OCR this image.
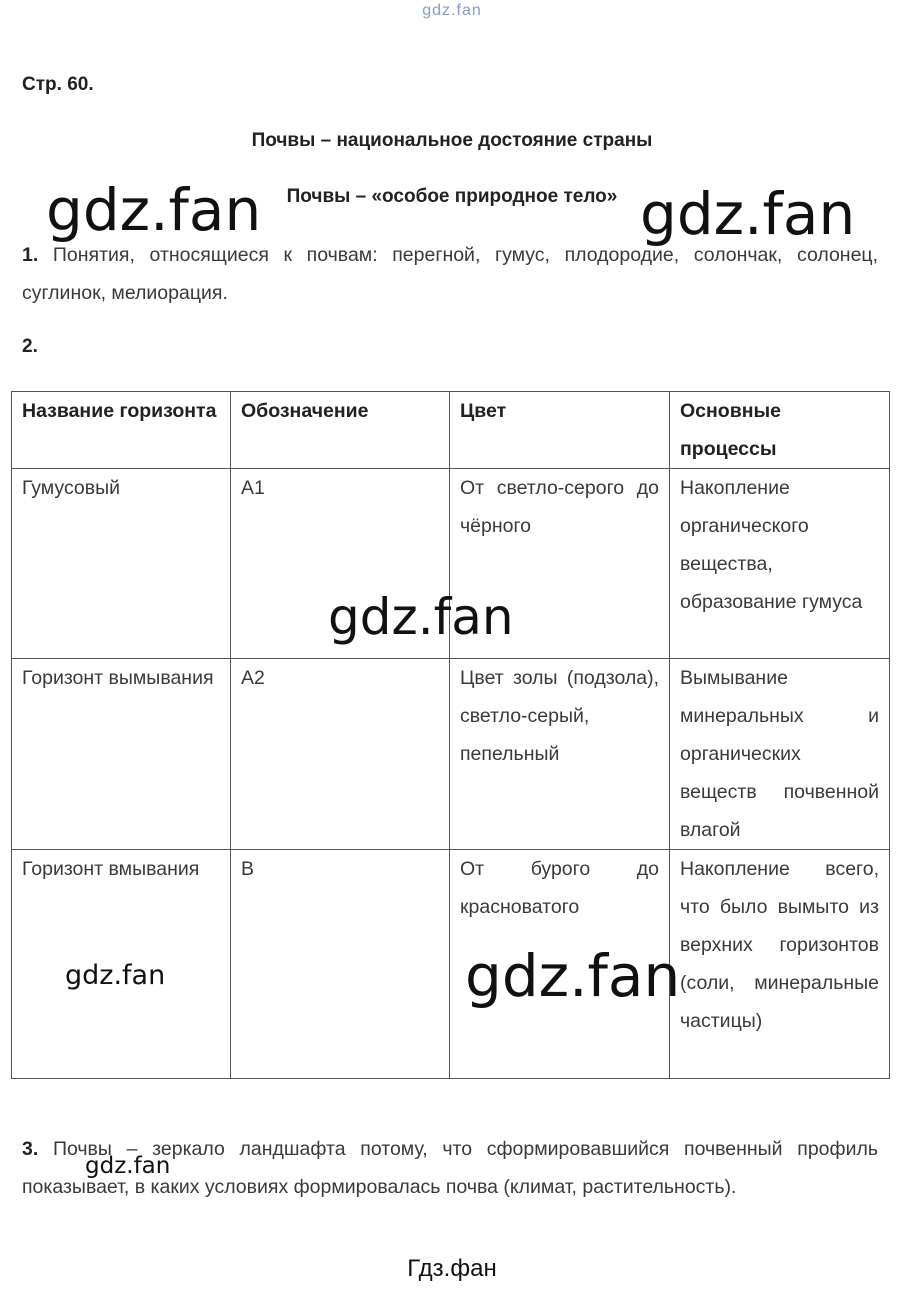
gdz.fan
Стр. 60.
Почвы – национальное достояние страны
Почвы – «особое природное тело»
1. Понятия, относящиеся к почвам: перегной, гумус, плодородие, солончак, солонец, суглинок, мелиорация.
2.
Название горизонта	Обозначение	Цвет	Основные процессы
Гумусовый	А1	От светло-серого до чёрного	Накопление органического вещества, образование гумуса
Горизонт вымывания	А2	Цвет золы (подзола), светло-серый, пепельный	Вымывание минеральных и органических веществ почвенной влагой
Горизонт вмывания	В	От бурого до красноватого	Накопление всего, что было вымыто из верхних горизонтов (соли, минеральные частицы)
3. Почвы – зеркало ландшафта потому, что сформировавшийся почвенный профиль показывает, в каких условиях формировалась почва (климат, растительность).
gdz.fan	gdz.fan
gdz.fan
gdz.fan	gdz.fan
gdz.fan
Гдз.фан
